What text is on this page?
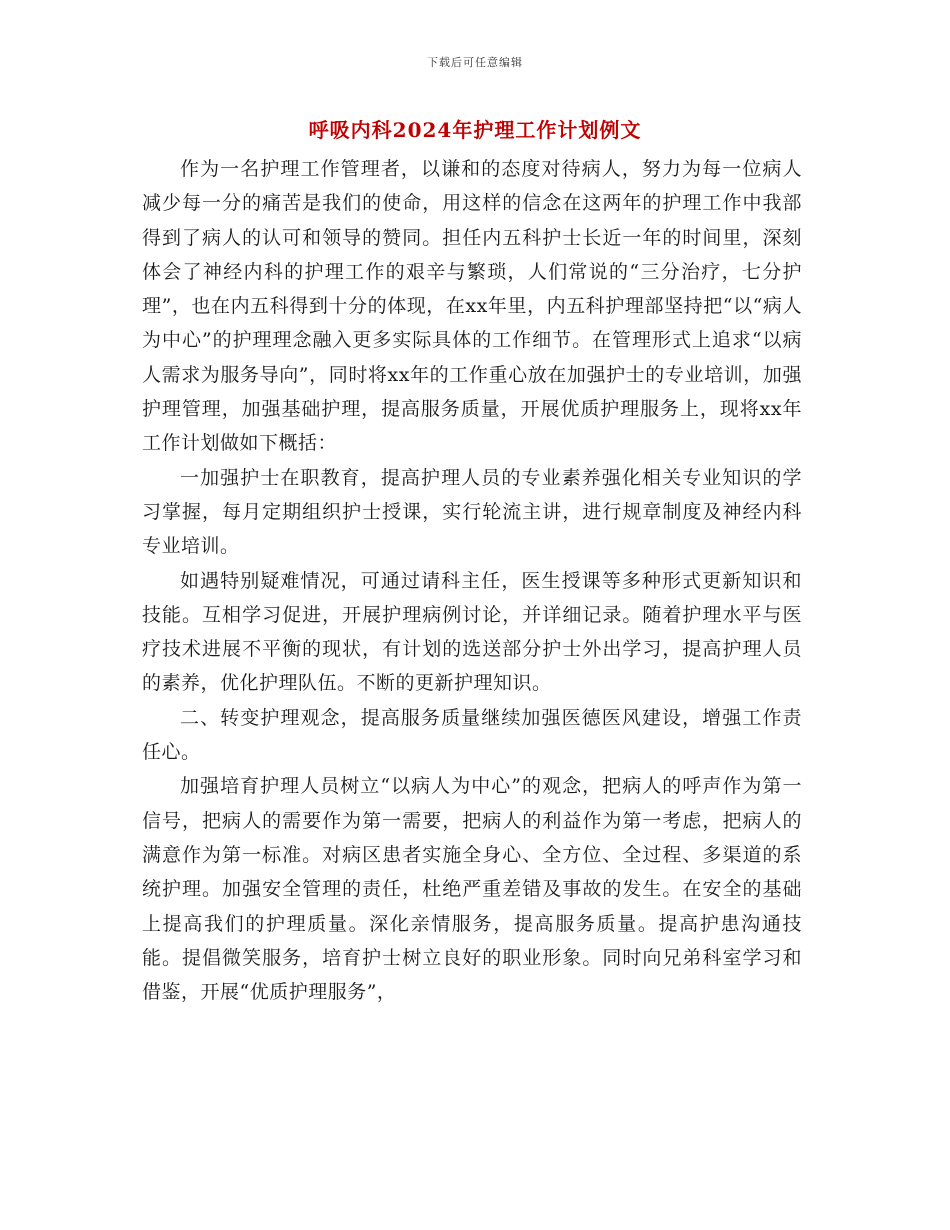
下载后可任意编辑
呼吸内科2024年护理工作计划例文

作为一名护理工作管理者，以谦和的态度对待病人，努力为每一位病人减少每一分的痛苦是我们的使命，用这样的信念在这两年的护理工作中我部得到了病人的认可和领导的赞同。担任内五科护士长近一年的时间里，深刻体会了神经内科的护理工作的艰辛与繁琐，人们常说的“三分治疗，七分护理”，也在内五科得到十分的体现，在xx年里，内五科护理部坚持把“以“病人为中心”的护理理念融入更多实际具体的工作细节。在管理形式上追求“以病人需求为服务导向”，同时将xx年的工作重心放在加强护士的专业培训，加强护理管理，加强基础护理，提高服务质量，开展优质护理服务上，现将xx年工作计划做如下概括：

一加强护士在职教育，提高护理人员的专业素养强化相关专业知识的学习掌握，每月定期组织护士授课，实行轮流主讲，进行规章制度及神经内科专业培训。

如遇特别疑难情况，可通过请科主任，医生授课等多种形式更新知识和技能。互相学习促进，开展护理病例讨论，并详细记录。随着护理水平与医疗技术进展不平衡的现状，有计划的选送部分护士外出学习，提高护理人员的素养，优化护理队伍。不断的更新护理知识。

二、转变护理观念，提高服务质量继续加强医德医风建设，增强工作责任心。

加强培育护理人员树立“以病人为中心”的观念，把病人的呼声作为第一信号，把病人的需要作为第一需要，把病人的利益作为第一考虑，把病人的满意作为第一标准。对病区患者实施全身心、全方位、全过程、多渠道的系统护理。加强安全管理的责任，杜绝严重差错及事故的发生。在安全的基础上提高我们的护理质量。深化亲情服务，提高服务质量。提高护患沟通技能。提倡微笑服务，培育护士树立良好的职业形象。同时向兄弟科室学习和借鉴，开展“优质护理服务”，
